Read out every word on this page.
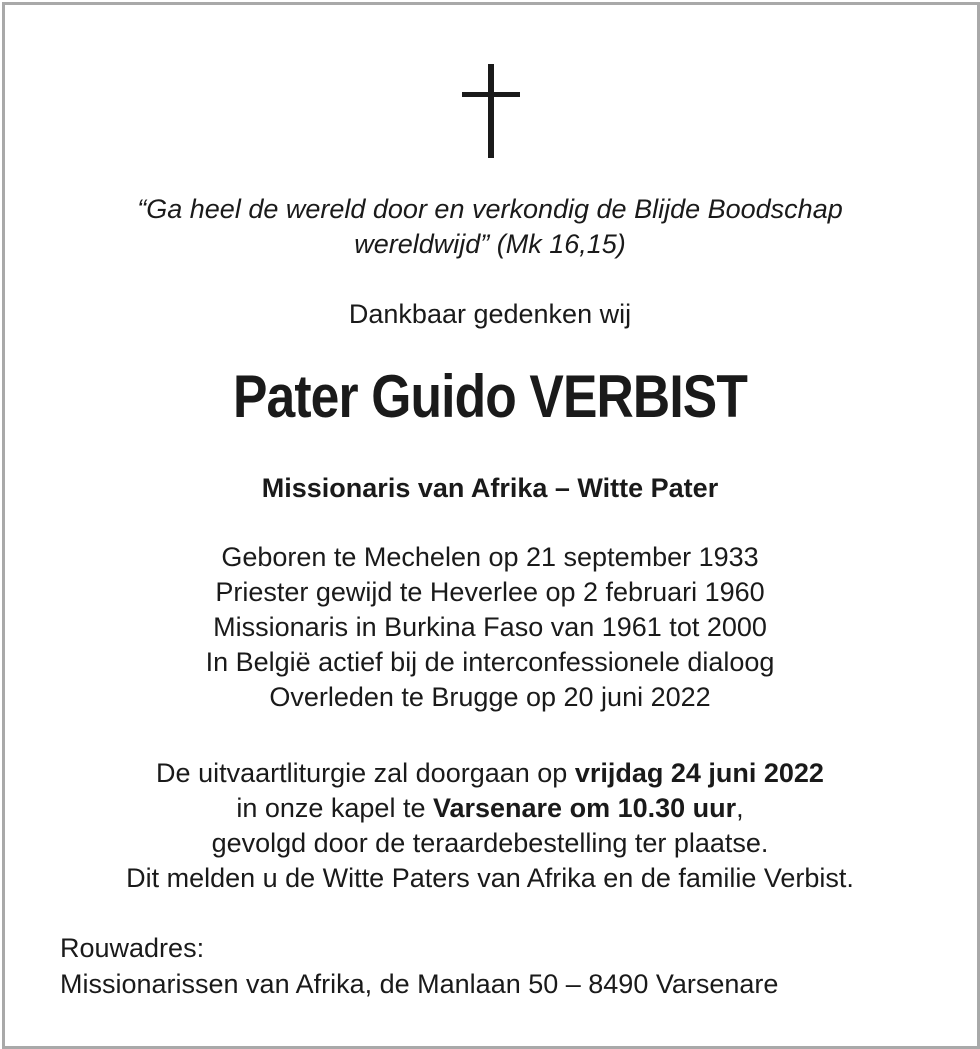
“Ga heel de wereld door en verkondig de Blijde Boodschap
wereldwijd” (Mk 16,15)
Dankbaar gedenken wij
Pater Guido VERBIST
Missionaris van Afrika – Witte Pater
Geboren te Mechelen op 21 september 1933
Priester gewijd te Heverlee op 2 februari 1960
Missionaris in Burkina Faso van 1961 tot 2000
In België actief bij de interconfessionele dialoog
Overleden te Brugge op 20 juni 2022
De uitvaartliturgie zal doorgaan op vrijdag 24 juni 2022
in onze kapel te Varsenare om 10.30 uur,
gevolgd door de teraardebestelling ter plaatse.
Dit melden u de Witte Paters van Afrika en de familie Verbist.
Rouwadres:
Missionarissen van Afrika, de Manlaan 50 – 8490 Varsenare
